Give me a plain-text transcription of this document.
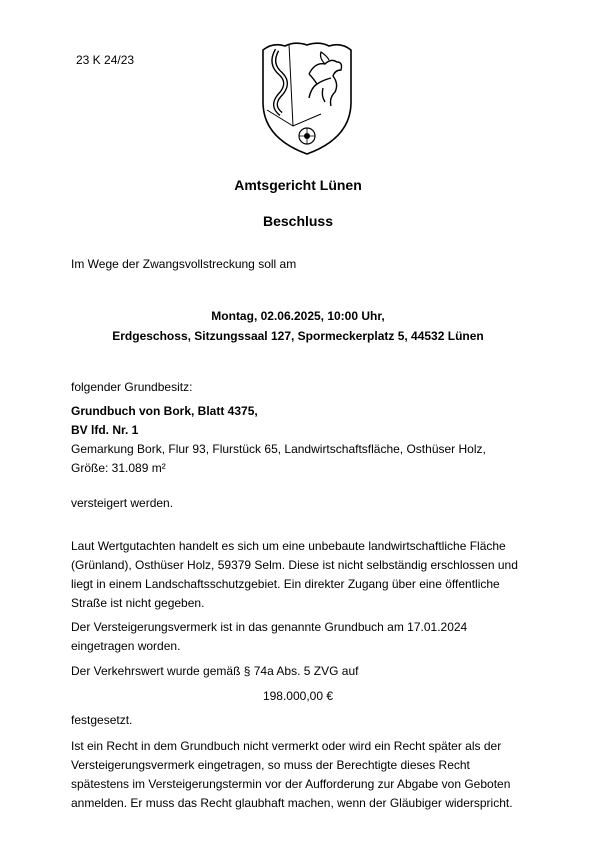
23 K 24/23
Amtsgericht Lünen
Beschluss
Im Wege der Zwangsvollstreckung soll am
Montag, 02.06.2025, 10:00 Uhr,
Erdgeschoss, Sitzungssaal 127, Spormeckerplatz 5, 44532 Lünen
folgender Grundbesitz:
Grundbuch von Bork, Blatt 4375,
BV lfd. Nr. 1
Gemarkung Bork, Flur 93, Flurstück 65, Landwirtschaftsfläche, Osthüser Holz,
Größe: 31.089 m²
versteigert werden.
Laut Wertgutachten handelt es sich um eine unbebaute landwirtschaftliche Fläche
(Grünland), Osthüser Holz, 59379 Selm. Diese ist nicht selbständig erschlossen und
liegt in einem Landschaftsschutzgebiet. Ein direkter Zugang über eine öffentliche
Straße ist nicht gegeben.
Der Versteigerungsvermerk ist in das genannte Grundbuch am 17.01.2024
eingetragen worden.
Der Verkehrswert wurde gemäß § 74a Abs. 5 ZVG auf
198.000,00 €
festgesetzt.
Ist ein Recht in dem Grundbuch nicht vermerkt oder wird ein Recht später als der
Versteigerungsvermerk eingetragen, so muss der Berechtigte dieses Recht
spätestens im Versteigerungstermin vor der Aufforderung zur Abgabe von Geboten
anmelden. Er muss das Recht glaubhaft machen, wenn der Gläubiger widerspricht.
